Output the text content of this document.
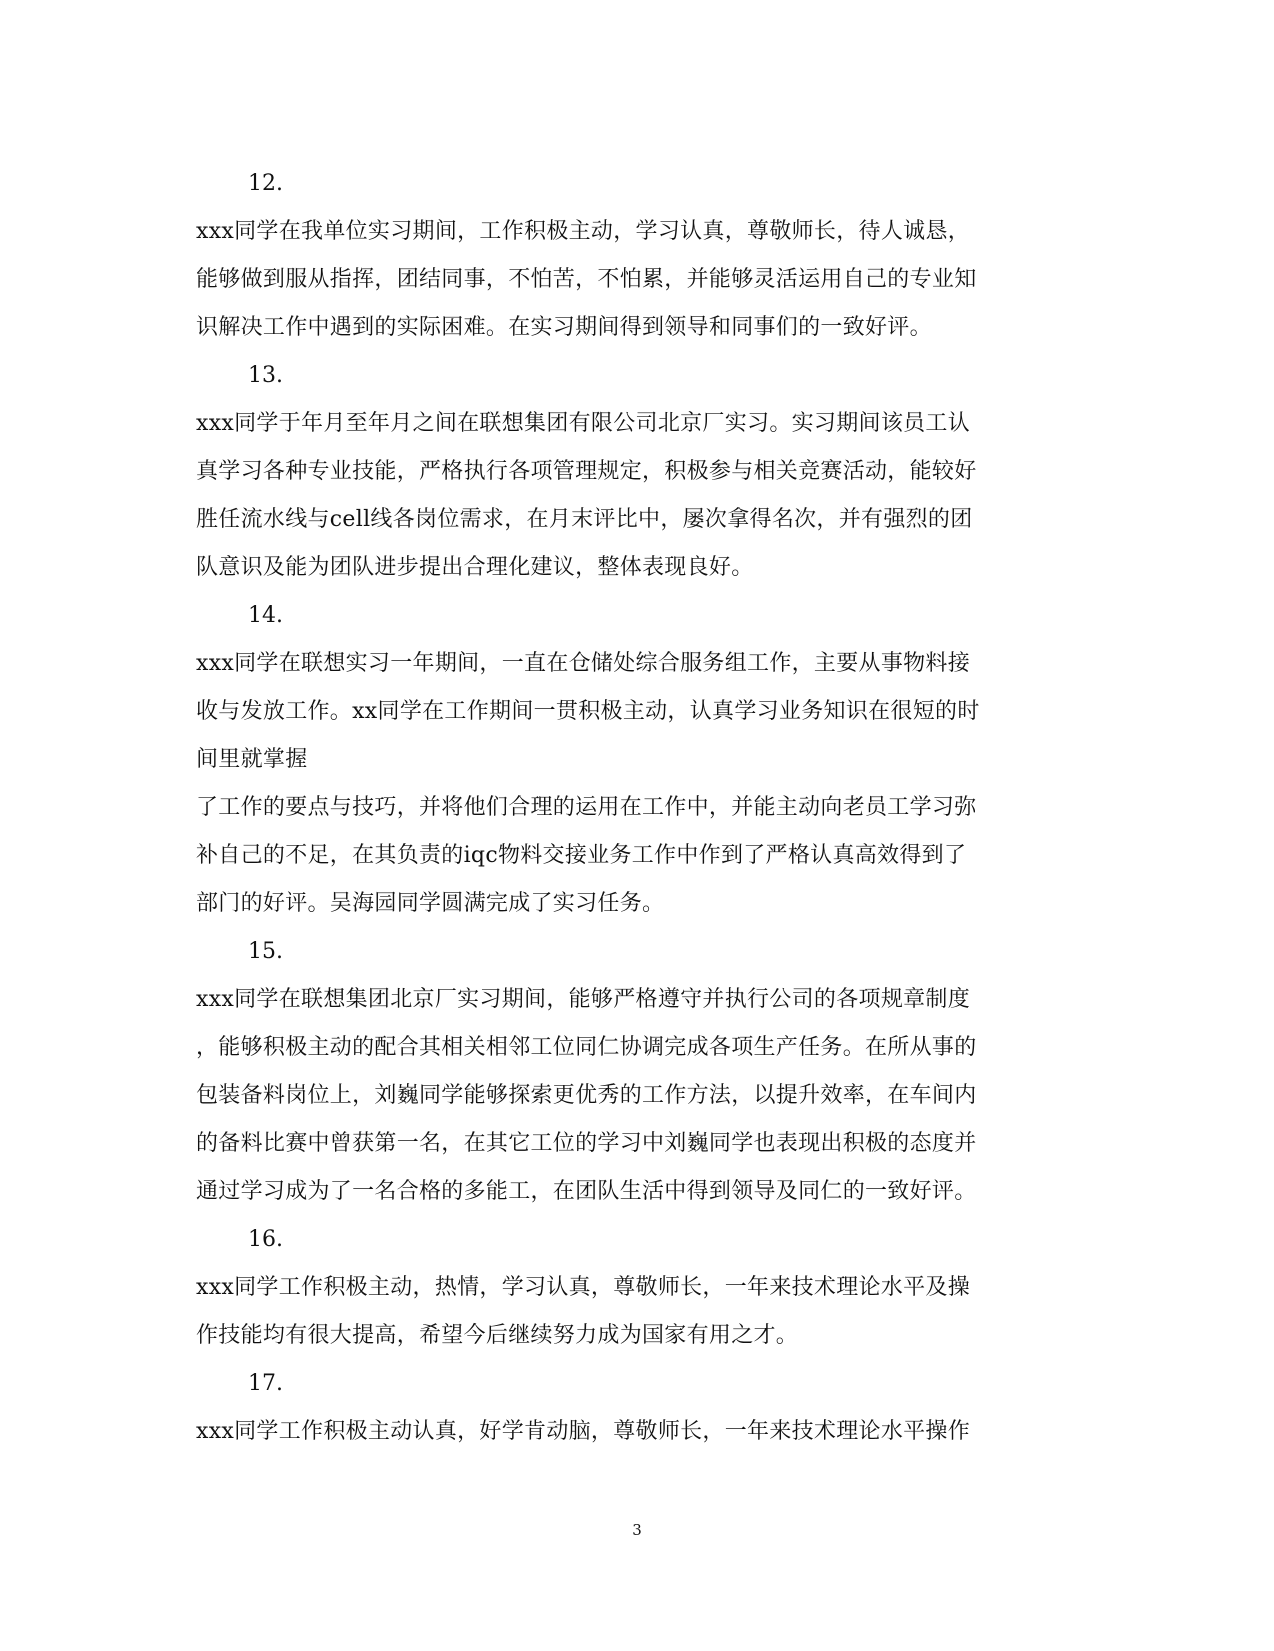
12.
xxx同学在我单位实习期间，工作积极主动，学习认真，尊敬师长，待人诚恳，
能够做到服从指挥，团结同事，不怕苦，不怕累，并能够灵活运用自己的专业知
识解决工作中遇到的实际困难。在实习期间得到领导和同事们的一致好评。
13.
xxx同学于年月至年月之间在联想集团有限公司北京厂实习。实习期间该员工认
真学习各种专业技能，严格执行各项管理规定，积极参与相关竞赛活动，能较好
胜任流水线与cell线各岗位需求，在月末评比中，屡次拿得名次，并有强烈的团
队意识及能为团队进步提出合理化建议，整体表现良好。
14.
xxx同学在联想实习一年期间，一直在仓储处综合服务组工作，主要从事物料接
收与发放工作。xx同学在工作期间一贯积极主动，认真学习业务知识在很短的时
间里就掌握
了工作的要点与技巧，并将他们合理的运用在工作中，并能主动向老员工学习弥
补自己的不足，在其负责的iqc物料交接业务工作中作到了严格认真高效得到了
部门的好评。吴海园同学圆满完成了实习任务。
15.
xxx同学在联想集团北京厂实习期间，能够严格遵守并执行公司的各项规章制度
，能够积极主动的配合其相关相邻工位同仁协调完成各项生产任务。在所从事的
包装备料岗位上，刘巍同学能够探索更优秀的工作方法，以提升效率，在车间内
的备料比赛中曾获第一名，在其它工位的学习中刘巍同学也表现出积极的态度并
通过学习成为了一名合格的多能工，在团队生活中得到领导及同仁的一致好评。
16.
xxx同学工作积极主动，热情，学习认真，尊敬师长，一年来技术理论水平及操
作技能均有很大提高，希望今后继续努力成为国家有用之才。
17.
xxx同学工作积极主动认真，好学肯动脑，尊敬师长，一年来技术理论水平操作
3
